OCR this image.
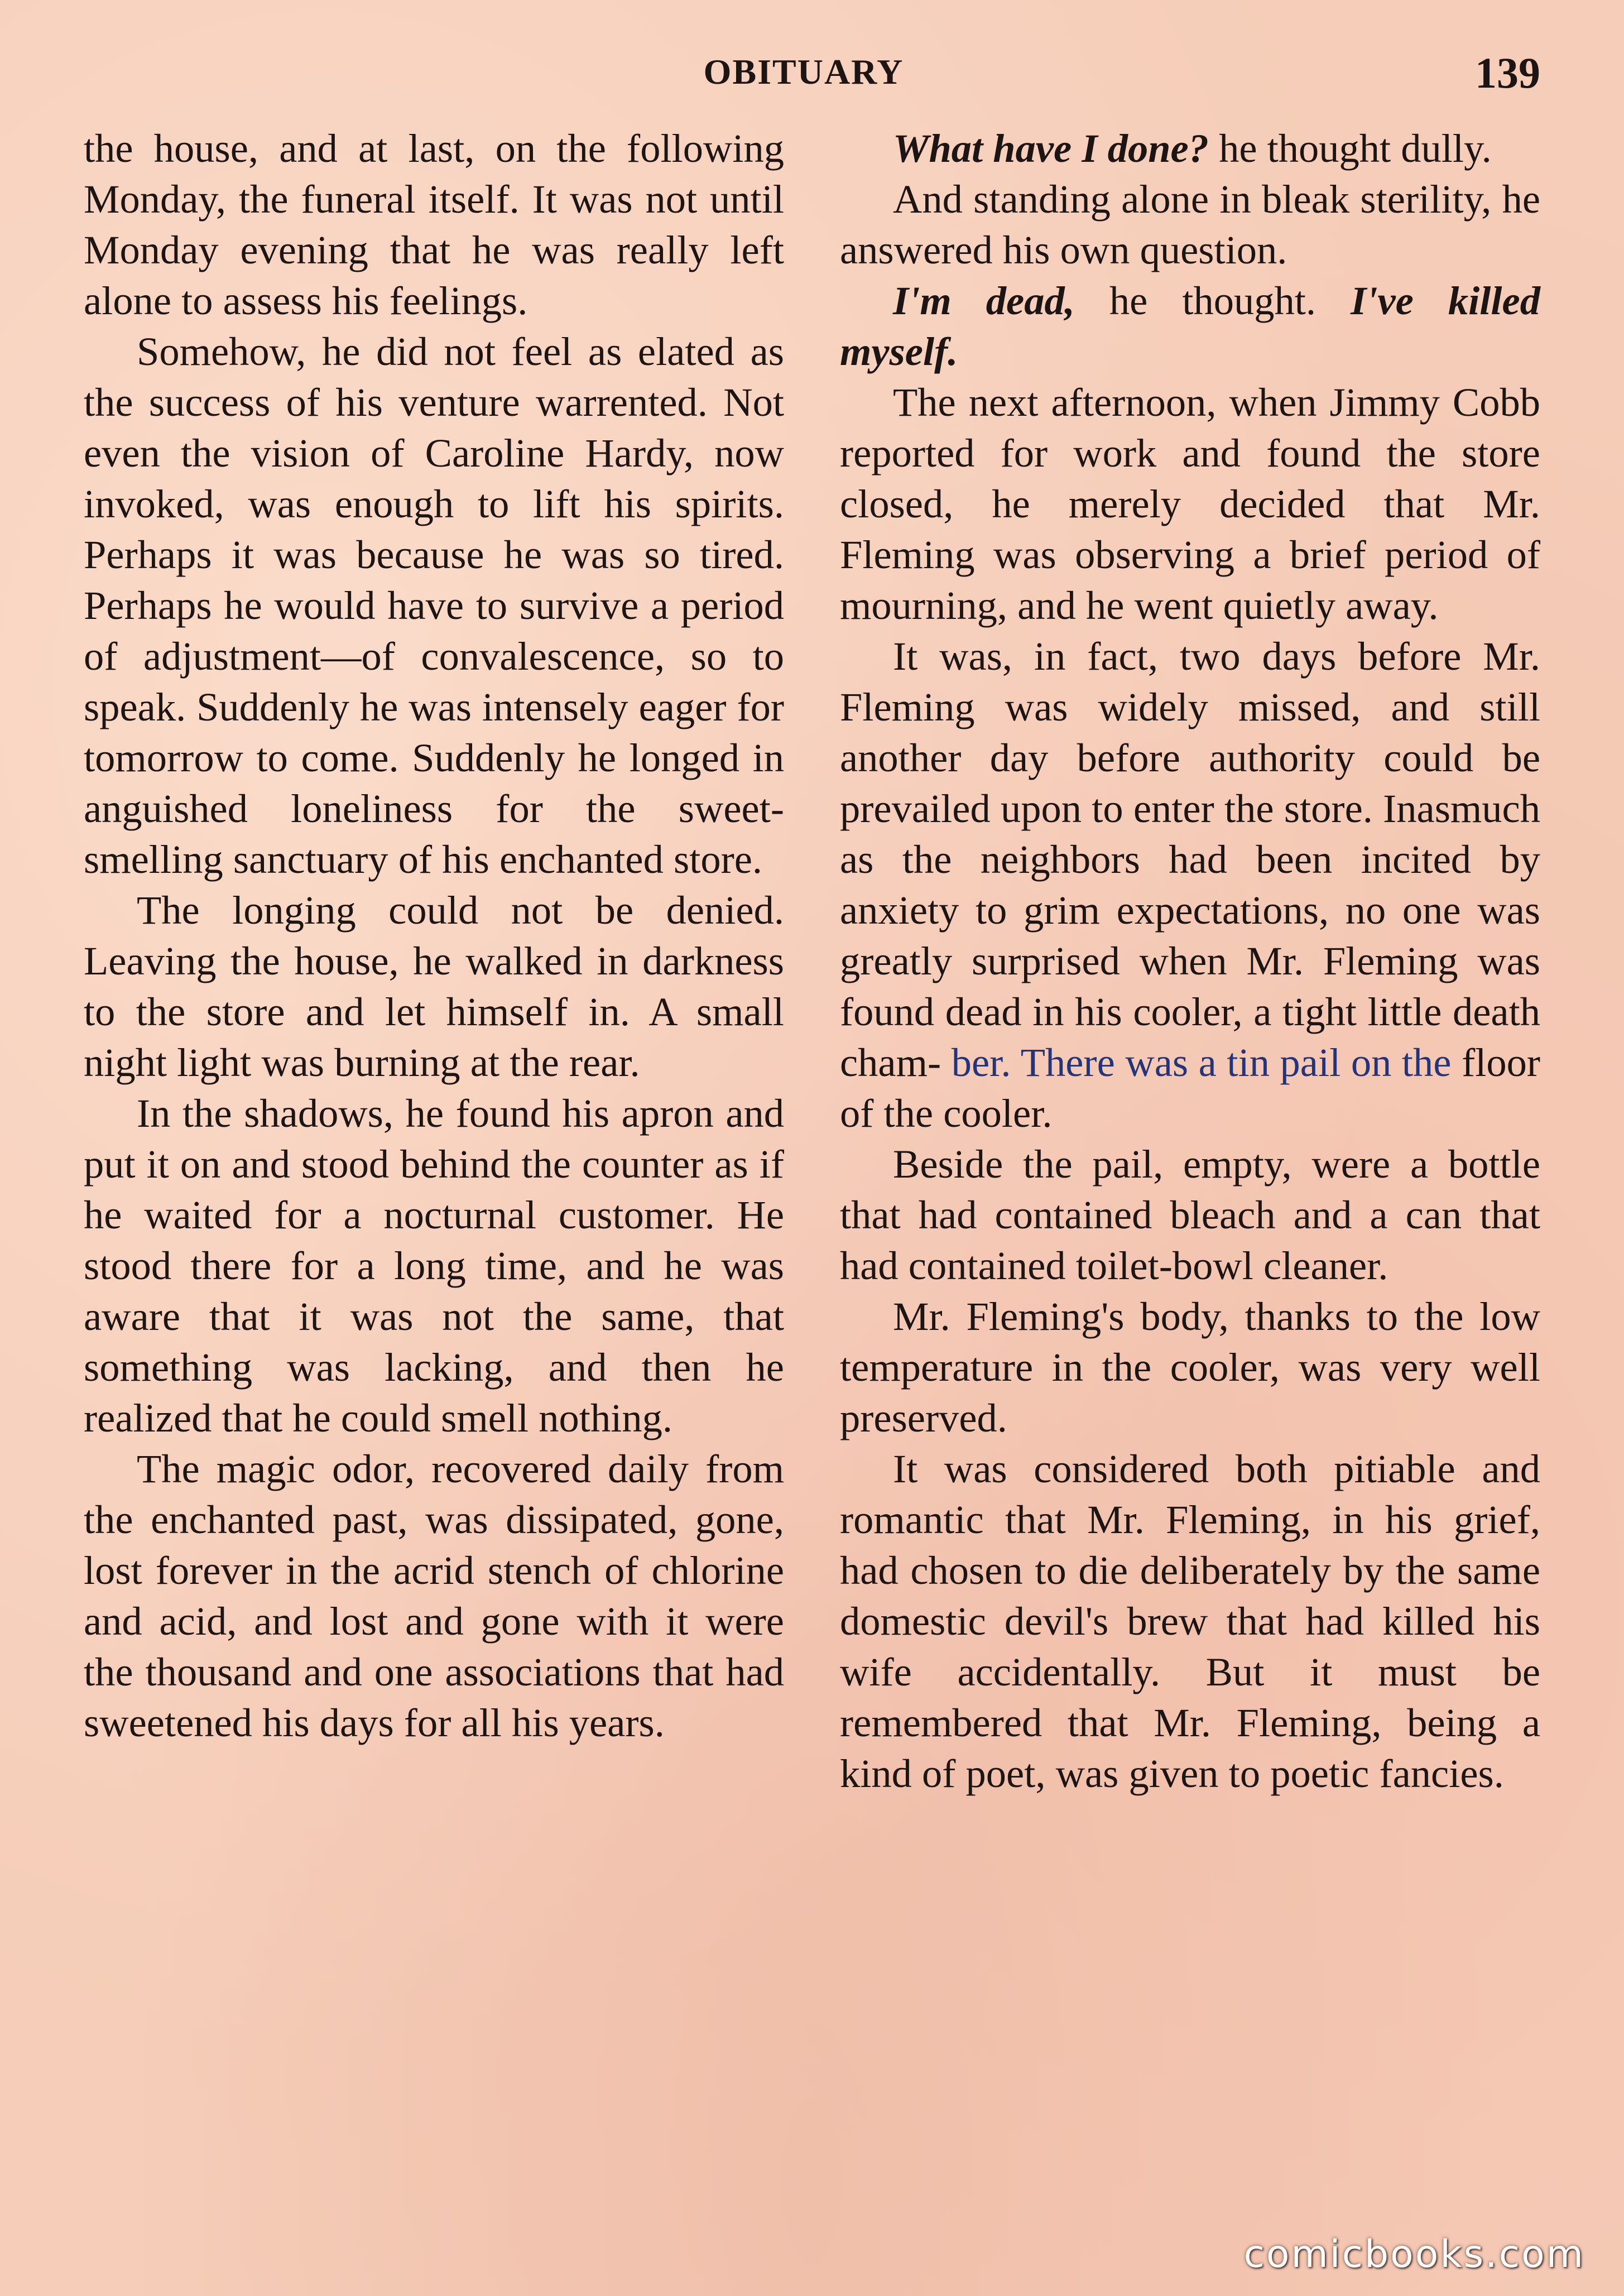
OBITUARY	139

the house, and at last, on the following Monday, the funeral itself. It was not until Monday evening that he was really left alone to assess his feelings.

Somehow, he did not feel as elated as the success of his venture warrented. Not even the vision of Caroline Hardy, now invoked, was enough to lift his spirits. Perhaps it was because he was so tired. Perhaps he would have to survive a period of adjustment—of convalescence, so to speak. Suddenly he was intensely eager for tomorrow to come. Suddenly he longed in anguished loneliness for the sweet-smelling sanctuary of his enchanted store.

The longing could not be denied. Leaving the house, he walked in darkness to the store and let himself in. A small night light was burning at the rear.

In the shadows, he found his apron and put it on and stood behind the counter as if he waited for a nocturnal customer. He stood there for a long time, and he was aware that it was not the same, that something was lacking, and then he realized that he could smell nothing.

The magic odor, recovered daily from the enchanted past, was dissipated, gone, lost forever in the acrid stench of chlorine and acid, and lost and gone with it were the thousand and one associations that had sweetened his days for all his years.

What have I done? he thought dully.

And standing alone in bleak sterility, he answered his own question.

I'm dead, he thought. I've killed myself.

The next afternoon, when Jimmy Cobb reported for work and found the store closed, he merely decided that Mr. Fleming was observing a brief period of mourning, and he went quietly away.

It was, in fact, two days before Mr. Fleming was widely missed, and still another day before authority could be prevailed upon to enter the store. Inasmuch as the neighbors had been incited by anxiety to grim expectations, no one was greatly surprised when Mr. Fleming was found dead in his cooler, a tight little death cham- ber. There was a tin pail on the floor of the cooler.

Beside the pail, empty, were a bottle that had contained bleach and a can that had contained toilet-bowl cleaner.

Mr. Fleming's body, thanks to the low temperature in the cooler, was very well preserved.

It was considered both pitiable and romantic that Mr. Fleming, in his grief, had chosen to die deliberately by the same domestic devil's brew that had killed his wife accidentally. But it must be remembered that Mr. Fleming, being a kind of poet, was given to poetic fancies.

comicbooks.com
